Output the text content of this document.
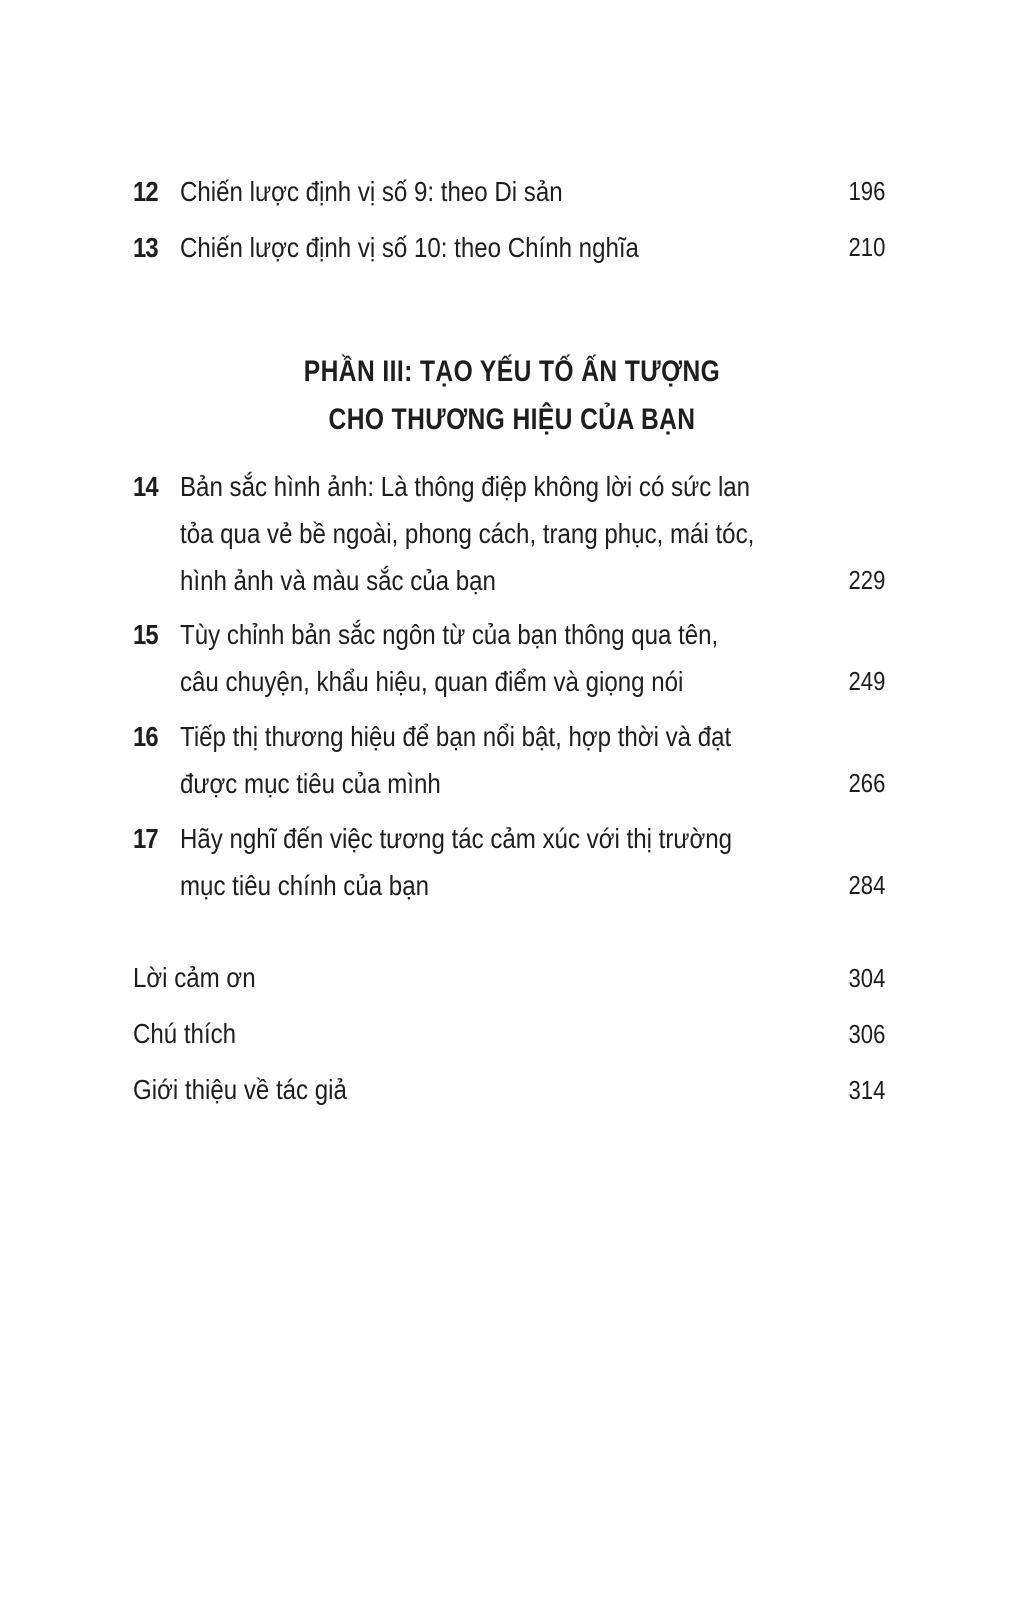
12 Chiến lược định vị số 9: theo Di sản	196
13 Chiến lược định vị số 10: theo Chính nghĩa	210
PHẦN III: TẠO YẾU TỐ ẤN TƯỢNG
CHO THƯƠNG HIỆU CỦA BẠN
14 Bản sắc hình ảnh: Là thông điệp không lời có sức lan
tỏa qua vẻ bề ngoài, phong cách, trang phục, mái tóc,
hình ảnh và màu sắc của bạn	229
15 Tùy chỉnh bản sắc ngôn từ của bạn thông qua tên,
câu chuyện, khẩu hiệu, quan điểm và giọng nói	249
16 Tiếp thị thương hiệu để bạn nổi bật, hợp thời và đạt
được mục tiêu của mình	266
17 Hãy nghĩ đến việc tương tác cảm xúc với thị trường
mục tiêu chính của bạn	284
Lời cảm ơn	304
Chú thích	306
Giới thiệu về tác giả	314
